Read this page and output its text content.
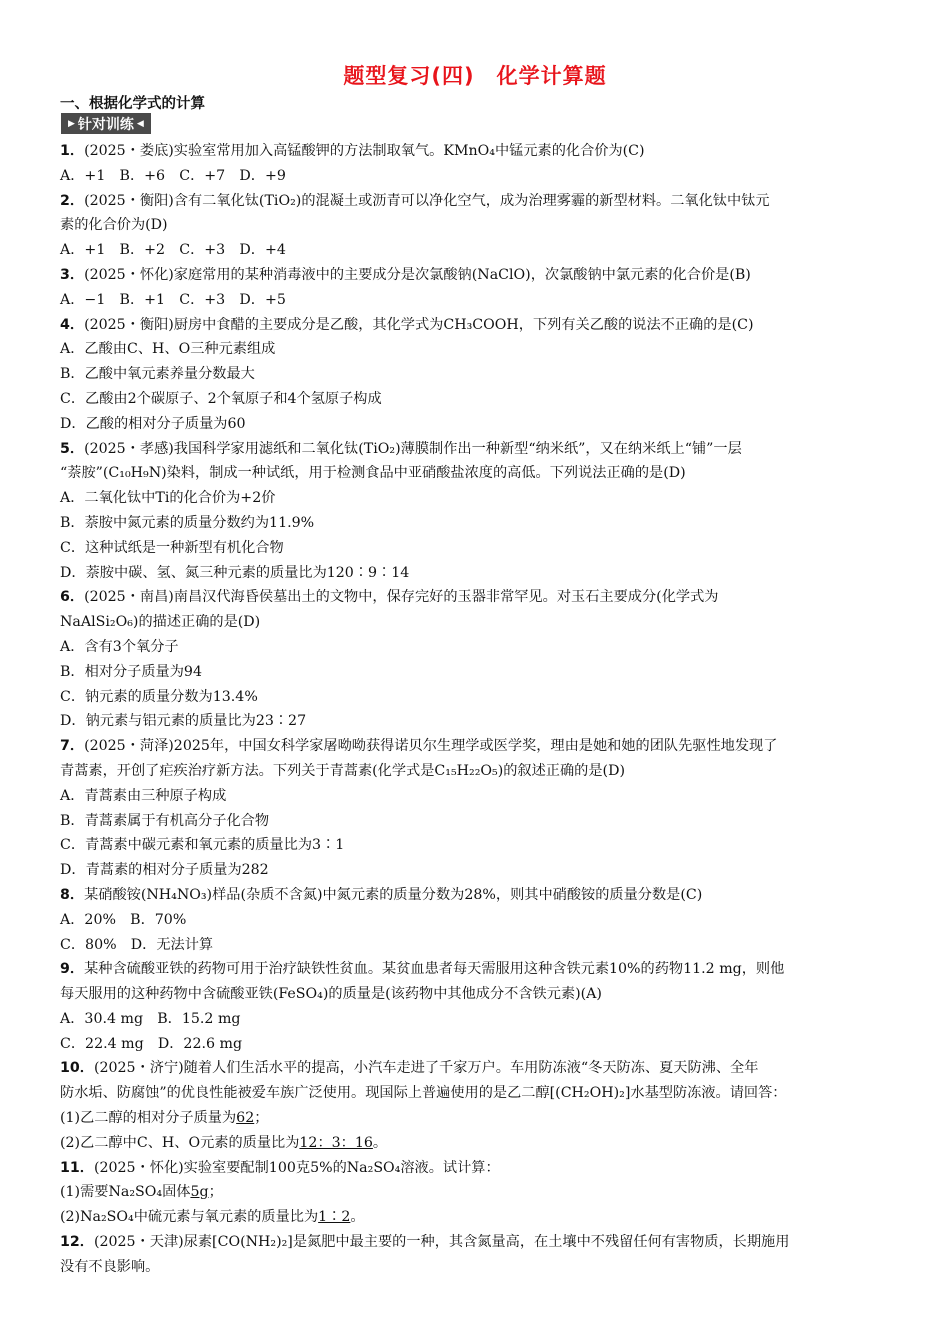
题型复习(四)　化学计算题
一、根据化学式的计算
▶ 针对训练 ◀
1．(2025・娄底)实验室常用加入高锰酸钾的方法制取氧气。KMnO₄中锰元素的化合价为(C)
A．+1　B．+6　C．+7　D．+9
2．(2025・衡阳)含有二氧化钛(TiO₂)的混凝土或沥青可以净化空气，成为治理雾霾的新型材料。二氧化钛中钛元
素的化合价为(D)
A．+1　B．+2　C．+3　D．+4
3．(2025・怀化)家庭常用的某种消毒液中的主要成分是次氯酸钠(NaClO)，次氯酸钠中氯元素的化合价是(B)
A．−1　B．+1　C．+3　D．+5
4．(2025・衡阳)厨房中食醋的主要成分是乙酸，其化学式为CH₃COOH，下列有关乙酸的说法不正确的是(C)
A．乙酸由C、H、O三种元素组成
B．乙酸中氧元素养量分数最大
C．乙酸由2个碳原子、2个氧原子和4个氢原子构成
D．乙酸的相对分子质量为60
5．(2025・孝感)我国科学家用滤纸和二氧化钛(TiO₂)薄膜制作出一种新型“纳米纸”，又在纳米纸上“铺”一层
“萘胺”(C₁₀H₉N)染料，制成一种试纸，用于检测食品中亚硝酸盐浓度的高低。下列说法正确的是(D)
A．二氧化钛中Ti的化合价为+2价
B．萘胺中氮元素的质量分数约为11.9%
C．这种试纸是一种新型有机化合物
D．萘胺中碳、氢、氮三种元素的质量比为120∶9∶14
6．(2025・南昌)南昌汉代海昏侯墓出土的文物中，保存完好的玉器非常罕见。对玉石主要成分(化学式为
NaAlSi₂O₆)的描述正确的是(D)
A．含有3个氧分子
B．相对分子质量为94
C．钠元素的质量分数为13.4%
D．钠元素与铝元素的质量比为23∶27
7．(2025・菏泽)2025年，中国女科学家屠呦呦获得诺贝尔生理学或医学奖，理由是她和她的团队先驱性地发现了
青蒿素，开创了疟疾治疗新方法。下列关于青蒿素(化学式是C₁₅H₂₂O₅)的叙述正确的是(D)
A．青蒿素由三种原子构成
B．青蒿素属于有机高分子化合物
C．青蒿素中碳元素和氧元素的质量比为3∶1
D．青蒿素的相对分子质量为282
8．某硝酸铵(NH₄NO₃)样品(杂质不含氮)中氮元素的质量分数为28%，则其中硝酸铵的质量分数是(C)
A．20%　B．70%
C．80%　D．无法计算
9．某种含硫酸亚铁的药物可用于治疗缺铁性贫血。某贫血患者每天需服用这种含铁元素10%的药物11.2 mg，则他
每天服用的这种药物中含硫酸亚铁(FeSO₄)的质量是(该药物中其他成分不含铁元素)(A)
A．30.4 mg　B．15.2 mg
C．22.4 mg　D．22.6 mg
10．(2025・济宁)随着人们生活水平的提高，小汽车走进了千家万户。车用防冻液“冬天防冻、夏天防沸、全年
防水垢、防腐蚀”的优良性能被爱车族广泛使用。现国际上普遍使用的是乙二醇[(CH₂OH)₂]水基型防冻液。请回答：
(1)乙二醇的相对分子质量为62；
(2)乙二醇中C、H、O元素的质量比为12：3：16。
11．(2025・怀化)实验室要配制100克5%的Na₂SO₄溶液。试计算：
(1)需要Na₂SO₄固体5g；
(2)Na₂SO₄中硫元素与氧元素的质量比为1∶2。
12．(2025・天津)尿素[CO(NH₂)₂]是氮肥中最主要的一种，其含氮量高，在土壤中不残留任何有害物质，长期施用
没有不良影响。
